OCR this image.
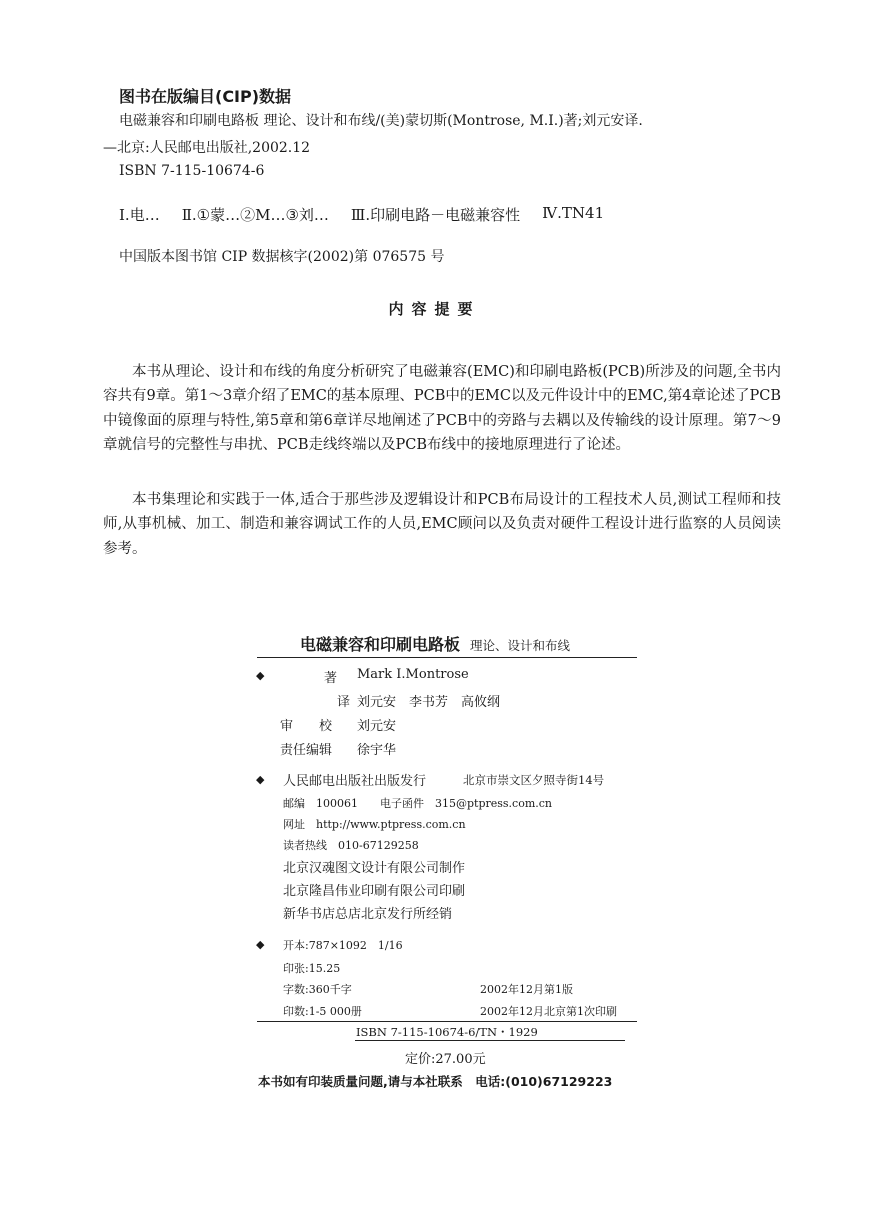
图书在版编目(CIP)数据
电磁兼容和印刷电路板 理论、设计和布线/(美)蒙切斯(Montrose, M.I.)著;刘元安译.
—北京:人民邮电出版社,2002.12
ISBN 7-115-10674-6
Ⅰ.电… Ⅱ.①蒙…②M…③刘… Ⅲ.印刷电路－电磁兼容性 Ⅳ.TN41
中国版本图书馆 CIP 数据核字(2002)第 076575 号
内容提要

本书从理论、设计和布线的角度分析研究了电磁兼容(EMC)和印刷电路板(PCB)所涉及的问题,全书内容共有9章。第1～3章介绍了EMC的基本原理、PCB中的EMC以及元件设计中的EMC,第4章论述了PCB中镜像面的原理与特性,第5章和第6章详尽地阐述了PCB中的旁路与去耦以及传输线的设计原理。第7～9章就信号的完整性与串扰、PCB走线终端以及PCB布线中的接地原理进行了论述。

本书集理论和实践于一体,适合于那些涉及逻辑设计和PCB布局设计的工程技术人员,测试工程师和技师,从事机械、加工、制造和兼容调试工作的人员,EMC顾问以及负责对硬件工程设计进行监察的人员阅读参考。

电磁兼容和印刷电路板 理论、设计和布线
◆	著 Mark I.Montrose
译 刘元安　李书芳　高攸纲
审　　校 刘元安
责任编辑 徐宇华
◆ 人民邮电出版社出版发行	北京市崇文区夕照寺街14号
邮编　100061　　电子函件　315@ptpress.com.cn
网址　http://www.ptpress.com.cn
读者热线　010-67129258
北京汉魂图文设计有限公司制作
北京隆昌伟业印刷有限公司印刷
新华书店总店北京发行所经销
◆ 开本:787×1092　1/16
印张:15.25
字数:360千字	2002年12月第1版
印数:1-5 000册	2002年12月北京第1次印刷
ISBN 7-115-10674-6/TN・1929
定价:27.00元
本书如有印装质量问题,请与本社联系　电话:(010)67129223
